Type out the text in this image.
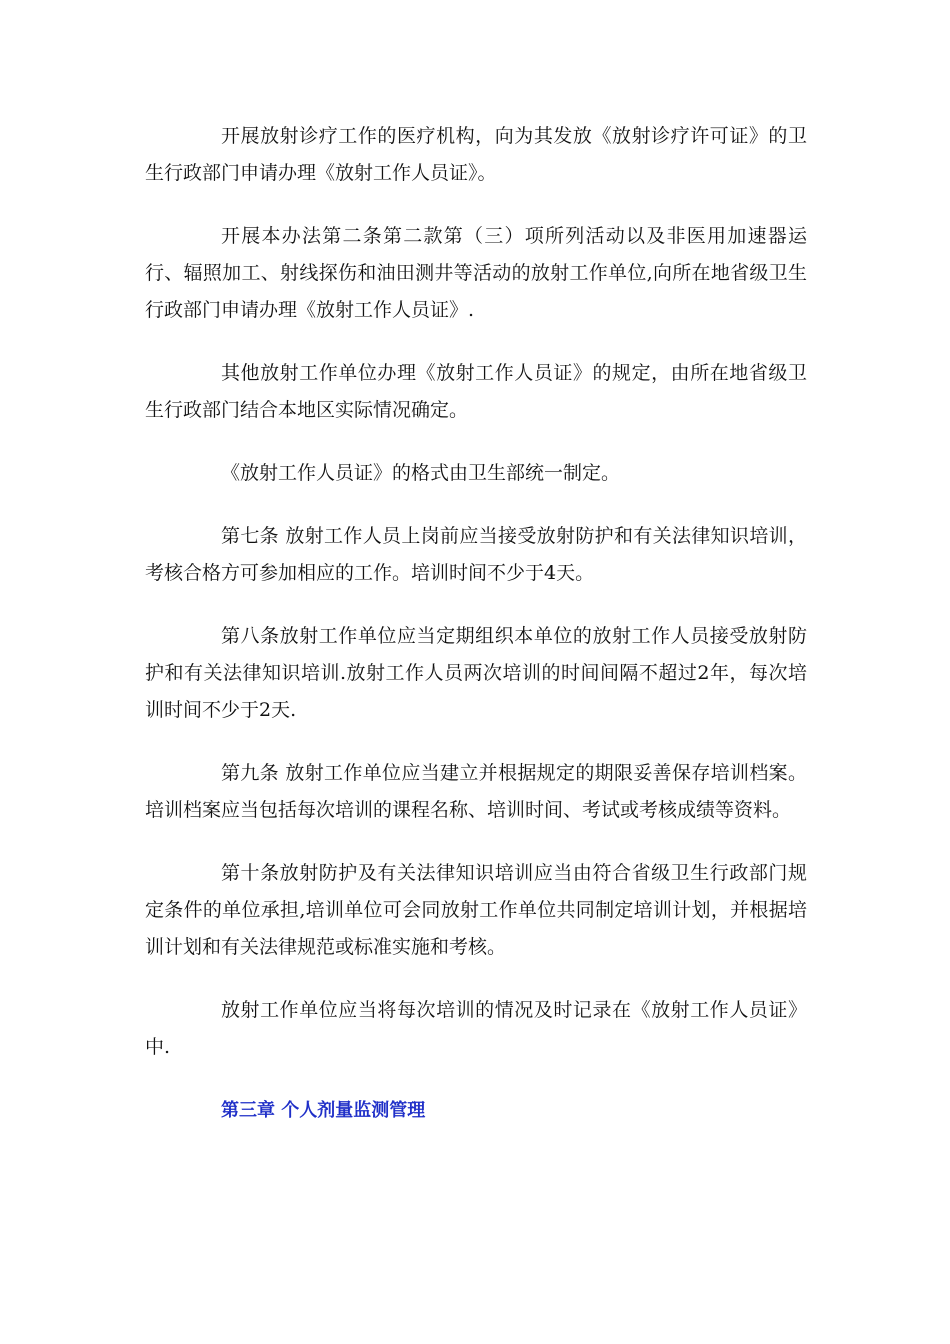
开展放射诊疗工作的医疗机构，向为其发放《放射诊疗许可证》的卫生行政部门申请办理《放射工作人员证》。

开展本办法第二条第二款第（三）项所列活动以及非医用加速器运行、辐照加工、射线探伤和油田测井等活动的放射工作单位,向所在地省级卫生行政部门申请办理《放射工作人员证》.

其他放射工作单位办理《放射工作人员证》的规定，由所在地省级卫生行政部门结合本地区实际情况确定。

《放射工作人员证》的格式由卫生部统一制定。

第七条 放射工作人员上岗前应当接受放射防护和有关法律知识培训，考核合格方可参加相应的工作。培训时间不少于4天。

第八条放射工作单位应当定期组织本单位的放射工作人员接受放射防护和有关法律知识培训.放射工作人员两次培训的时间间隔不超过2年，每次培训时间不少于2天.

第九条 放射工作单位应当建立并根据规定的期限妥善保存培训档案。培训档案应当包括每次培训的课程名称、培训时间、考试或考核成绩等资料。

第十条放射防护及有关法律知识培训应当由符合省级卫生行政部门规定条件的单位承担,培训单位可会同放射工作单位共同制定培训计划，并根据培训计划和有关法律规范或标准实施和考核。

放射工作单位应当将每次培训的情况及时记录在《放射工作人员证》中.

第三章 个人剂量监测管理
